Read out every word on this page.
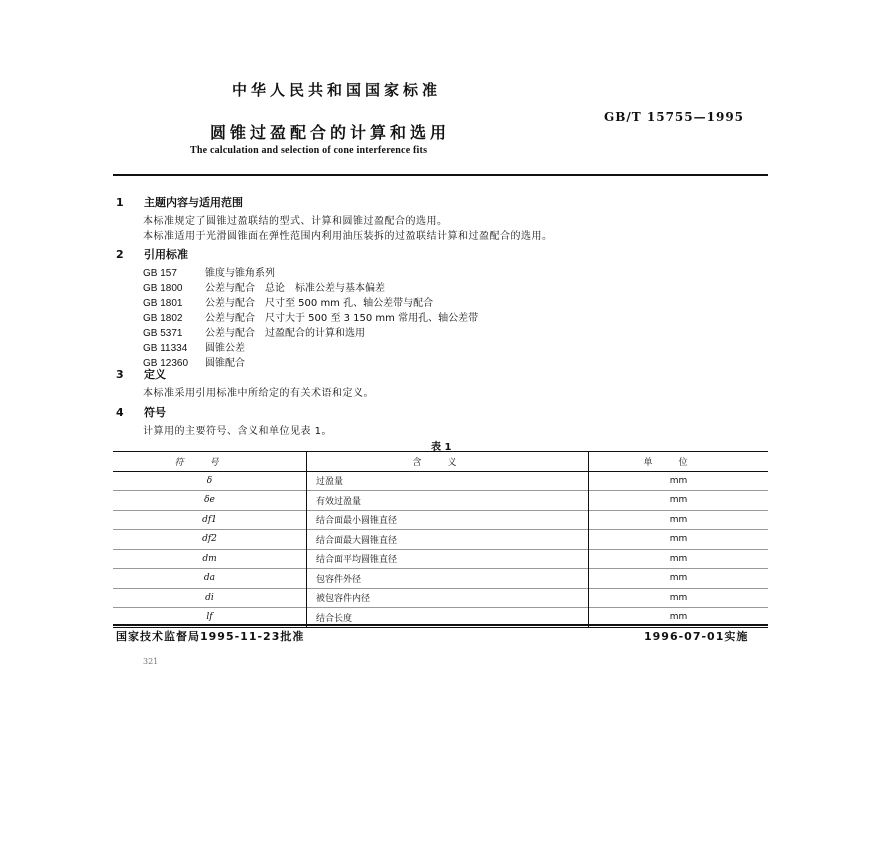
中华人民共和国国家标准
GB/T 15755—1995
圆锥过盈配合的计算和选用
The calculation and selection of cone interference fits
1 主题内容与适用范围
本标准规定了圆锥过盈联结的型式、计算和圆锥过盈配合的选用。
本标准适用于光滑圆锥面在弹性范围内利用油压装拆的过盈联结计算和过盈配合的选用。
2 引用标准
GB 157	锥度与锥角系列
GB 1800 公差与配合　总论　标准公差与基本偏差
GB 1801 公差与配合　尺寸至 500 mm 孔、轴公差带与配合
GB 1802 公差与配合　尺寸大于 500 至 3 150 mm 常用孔、轴公差带
GB 5371 公差与配合　过盈配合的计算和选用
GB 11334 圆锥公差
GB 12360 圆锥配合
3 定义
本标准采用引用标准中所给定的有关术语和定义。
4 符号
计算用的主要符号、含义和单位见表 1。
表 1
符号	含义	单位
δ	过盈量	mm
δe	有效过盈量	mm
df1	结合面最小圆锥直径	mm
df2	结合面最大圆锥直径	mm
dm	结合面平均圆锥直径	mm
da	包容件外径	mm
di	被包容件内径	mm
lf	结合长度	mm
国家技术监督局1995-11-23批准	1996-07-01实施
321
